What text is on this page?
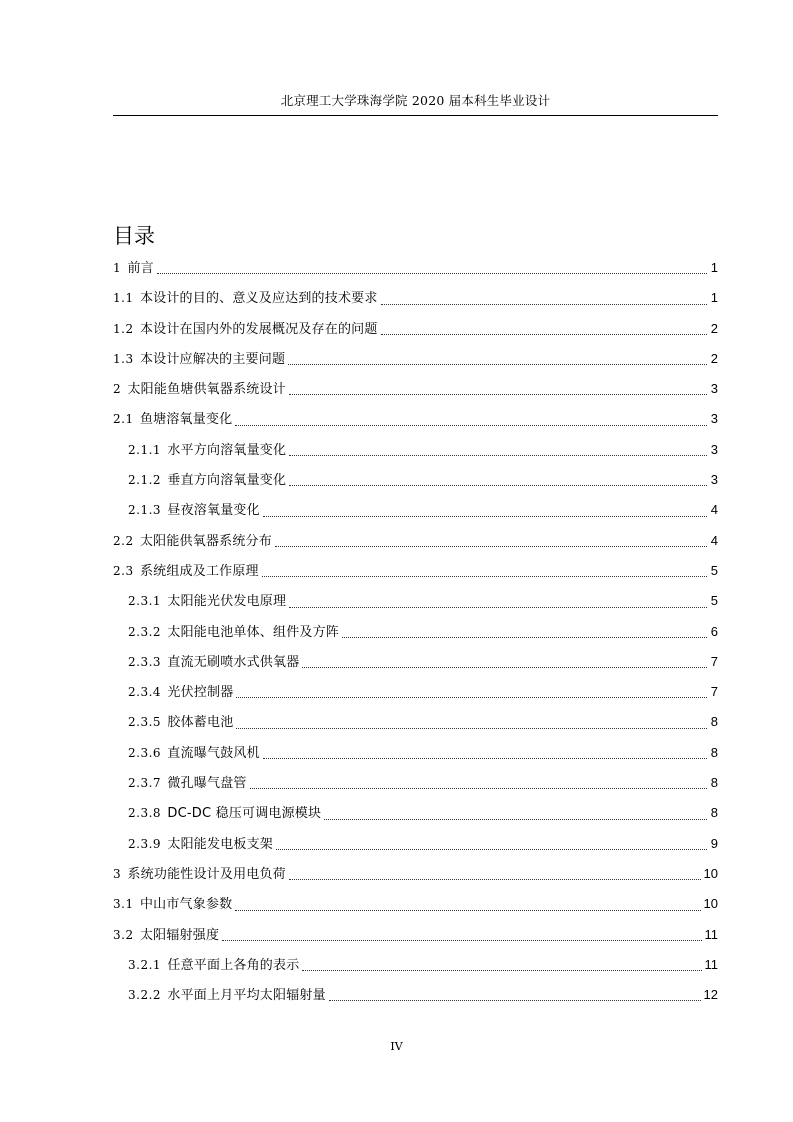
北京理工大学珠海学院 2020 届本科生毕业设计
目录
1 前言	1
1.1 本设计的目的、意义及应达到的技术要求	1
1.2 本设计在国内外的发展概况及存在的问题	2
1.3 本设计应解决的主要问题	2
2 太阳能鱼塘供氧器系统设计	3
2.1 鱼塘溶氧量变化	3
2.1.1 水平方向溶氧量变化	3
2.1.2 垂直方向溶氧量变化	3
2.1.3 昼夜溶氧量变化	4
2.2 太阳能供氧器系统分布	4
2.3 系统组成及工作原理	5
2.3.1 太阳能光伏发电原理	5
2.3.2 太阳能电池单体、组件及方阵	6
2.3.3 直流无刷喷水式供氧器	7
2.3.4 光伏控制器	7
2.3.5 胶体蓄电池	8
2.3.6 直流曝气鼓风机	8
2.3.7 微孔曝气盘管	8
2.3.8 DC-DC 稳压可调电源模块	8
2.3.9 太阳能发电板支架	9
3 系统功能性设计及用电负荷	10
3.1 中山市气象参数	10
3.2 太阳辐射强度	11
3.2.1 任意平面上各角的表示	11
3.2.2 水平面上月平均太阳辐射量	12
IV
